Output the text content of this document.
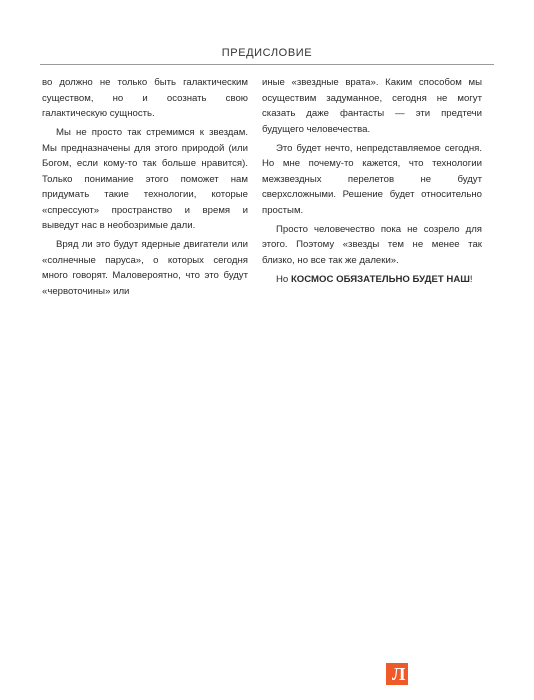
ПРЕДИСЛОВИЕ

во должно не только быть галактическим существом, но и осознать свою галактическую сущность.

Мы не просто так стремимся к звездам. Мы предназначены для этого природой (или Богом, если кому-то так больше нравится). Только понимание этого поможет нам придумать такие технологии, которые «спрессуют» пространство и время и выведут нас в необозримые дали.

Вряд ли это будут ядерные двигатели или «солнечные паруса», о которых сегодня много говорят. Маловероятно, что это будут «червоточины» или

иные «звездные врата». Каким способом мы осуществим задуманное, сегодня не могут сказать даже фантасты — эти предтечи будущего человечества.

Это будет нечто, непредставляемое сегодня. Но мне почему-то кажется, что технологии межзвездных перелетов не будут сверхсложными. Решение будет относительно простым.

Просто человечество пока не созрело для этого. Поэтому «звезды тем не менее так близко, но все так же далеки».

Но КОСМОС ОБЯЗАТЕЛЬНО БУДЕТ НАШ!

Л
